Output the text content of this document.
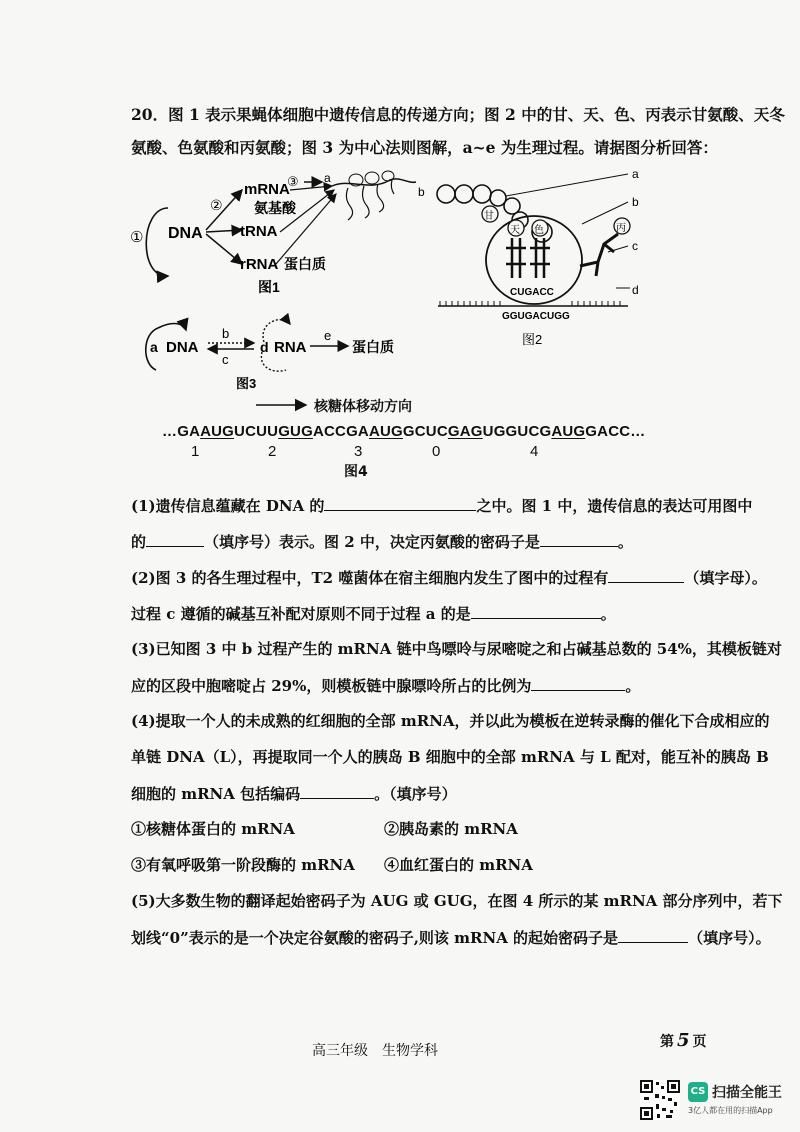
20．图 1 表示果蝇体细胞中遗传信息的传递方向；图 2 中的甘、天、色、丙表示甘氨酸、天冬
氨酸、色氨酸和丙氨酸；图 3 为中心法则图解，a~e 为生理过程。请据图分析回答：
① DNA
②
mRNA
氨基酸
tRNA
rRNA 蛋白质
③ a
b
图1
a
b
c
d
甘
天 色	丙
CUGACC
GGUGACUGG
图2
a DNA
b
c
d RNA
e
蛋白质
图3
核糖体移动方向
…GAAUGUCUUGUGACCGAAUGGCUCGAGUGGUCGAUGGACC…
1	2	3	0	4
图4
(1)遗传信息蕴藏在 DNA 的	之中。图 1 中，遗传信息的表达可用图中
的	（填序号）表示。图 2 中，决定丙氨酸的密码子是	。
(2)图 3 的各生理过程中，T2 噬菌体在宿主细胞内发生了图中的过程有	（填字母）。
过程 c 遵循的碱基互补配对原则不同于过程 a 的是	。
(3)已知图 3 中 b 过程产生的 mRNA 链中鸟嘌呤与尿嘧啶之和占碱基总数的 54%，其模板链对
应的区段中胞嘧啶占 29%，则模板链中腺嘌呤所占的比例为	。
(4)提取一个人的未成熟的红细胞的全部 mRNA，并以此为模板在逆转录酶的催化下合成相应的
单链 DNA（L），再提取同一个人的胰岛 B 细胞中的全部 mRNA 与 L 配对，能互补的胰岛 B
细胞的 mRNA 包括编码	。（填序号）
①核糖体蛋白的 mRNA	②胰岛素的 mRNA
③有氧呼吸第一阶段酶的 mRNA ④血红蛋白的 mRNA
(5)大多数生物的翻译起始密码子为 AUG 或 GUG，在图 4 所示的某 mRNA 部分序列中，若下
划线“0”表示的是一个决定谷氨酸的密码子,则该 mRNA 的起始密码子是	（填序号）。
高三年级　生物学科
第 5 页
CS 扫描全能王
3亿人都在用的扫描App
